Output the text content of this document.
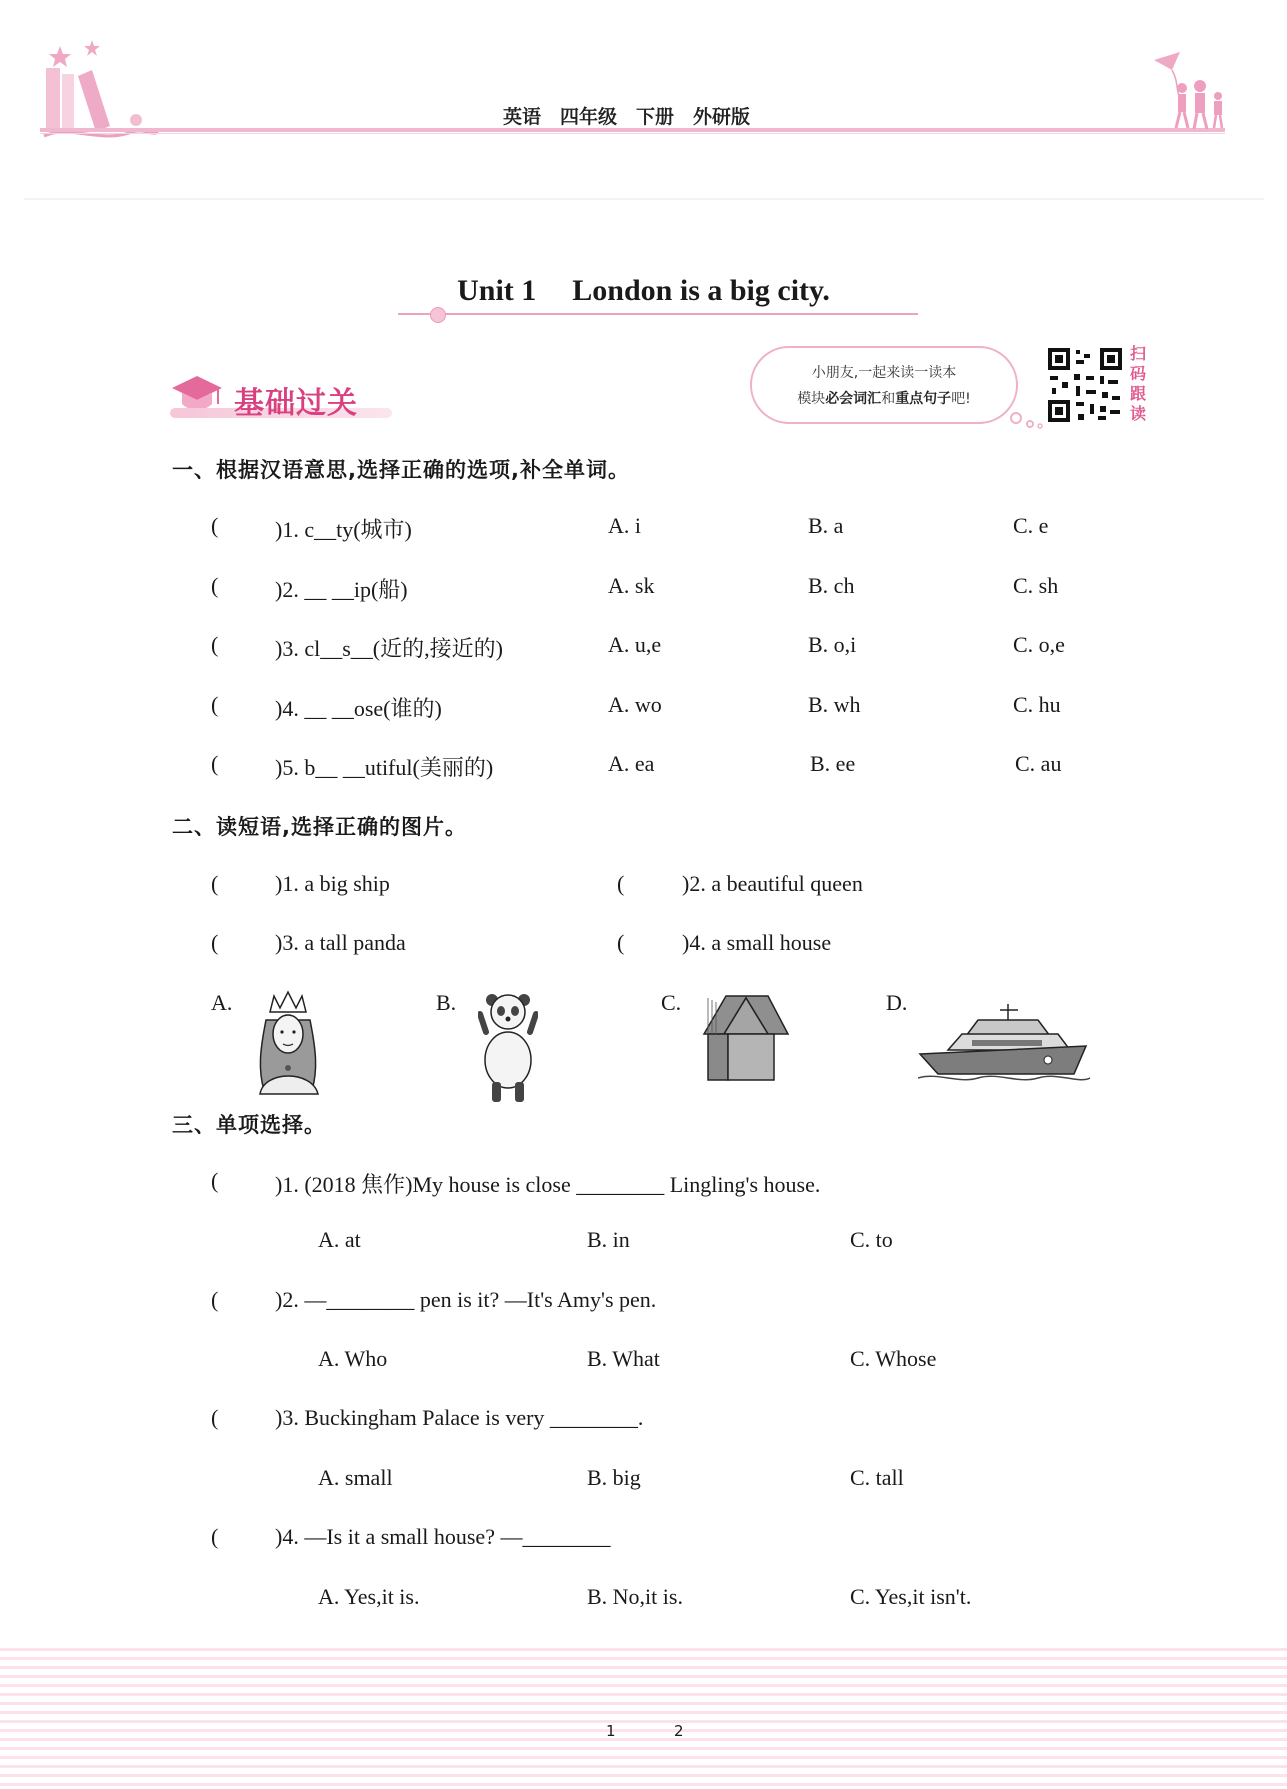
英语　四年级　下册　外研版
Unit 1 London is a big city.
基础过关
小朋友,一起来读一读本
模块必会词汇和重点句子吧!
扫码跟读
一、根据汉语意思,选择正确的选项,补全单词。
(	)1. c__ty(城市)	A. i	B. a	C. e
(	)2. __ __ip(船)	A. sk	B. ch	C. sh
(	)3. cl__s__(近的,接近的)	A. u,e	B. o,i	C. o,e
(	)4. __ __ose(谁的)	A. wo	B. wh	C. hu
(	)5. b__ __utiful(美丽的)	A. ea	B. ee	C. au
二、读短语,选择正确的图片。
(	)1. a big ship	(	)2. a beautiful queen
(	)3. a tall panda	(	)4. a small house
A.	B.	C.	D.
三、单项选择。
(	)1. (2018 焦作)My house is close ________ Lingling's house.
A. at	B. in	C. to
(	)2. —________ pen is it? —It's Amy's pen.
A. Who	B. What	C. Whose
(	)3. Buckingham Palace is very ________.
A. small	B. big	C. tall
(	)4. —Is it a small house? —________
A. Yes,it is.	B. No,it is.	C. Yes,it isn't.
1	2
